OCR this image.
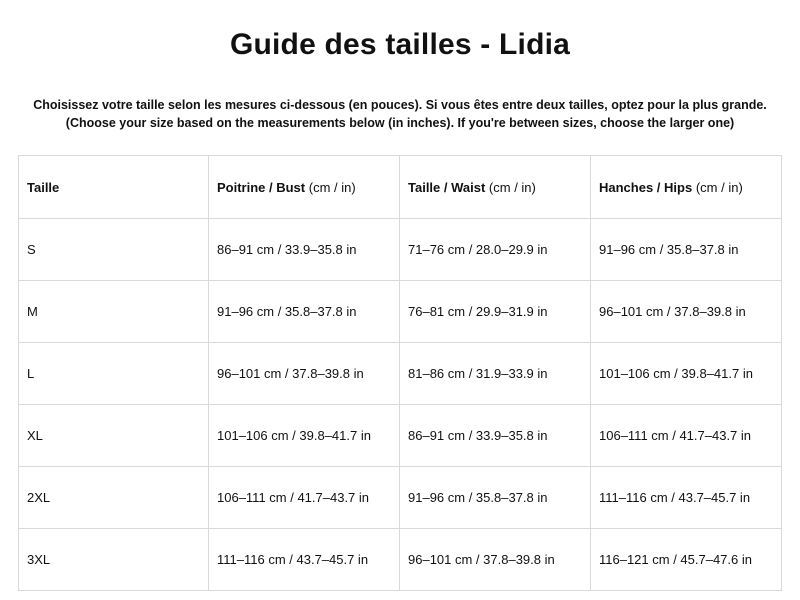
Guide des tailles - Lidia
Choisissez votre taille selon les mesures ci-dessous (en pouces). Si vous êtes entre deux tailles, optez pour la plus grande.
(Choose your size based on the measurements below (in inches). If you're between sizes, choose the larger one)
Taille	Poitrine / Bust (cm / in)	Taille / Waist (cm / in)	Hanches / Hips (cm / in)
S	86–91 cm / 33.9–35.8 in	71–76 cm / 28.0–29.9 in	91–96 cm / 35.8–37.8 in
M	91–96 cm / 35.8–37.8 in	76–81 cm / 29.9–31.9 in	96–101 cm / 37.8–39.8 in
L	96–101 cm / 37.8–39.8 in	81–86 cm / 31.9–33.9 in	101–106 cm / 39.8–41.7 in
XL	101–106 cm / 39.8–41.7 in	86–91 cm / 33.9–35.8 in	106–111 cm / 41.7–43.7 in
2XL	106–111 cm / 41.7–43.7 in	91–96 cm / 35.8–37.8 in	111–116 cm / 43.7–45.7 in
3XL	111–116 cm / 43.7–45.7 in	96–101 cm / 37.8–39.8 in	116–121 cm / 45.7–47.6 in
